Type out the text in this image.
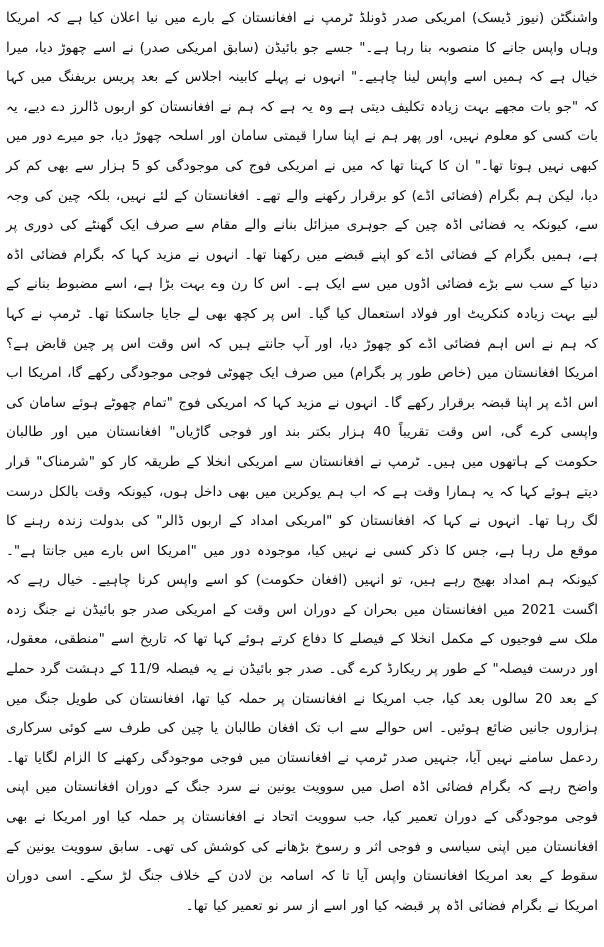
واشنگٹن (نیوز ڈیسک) امریکی صدر ڈونلڈ ٹرمپ نے افغانستان کے بارے میں نیا اعلان کیا ہے کہ امریکا وہاں واپس جانے کا منصوبہ بنا رہا ہے۔" جسے جو بائیڈن (سابق امریکی صدر) نے اسے چھوڑ دیا، میرا خیال ہے کہ ہمیں اسے واپس لینا چاہیے۔" انہوں نے پہلے کابینہ اجلاس کے بعد پریس بریفنگ میں کہا کہ "جو بات مجھے بہت زیادہ تکلیف دیتی ہے وہ یہ ہے کہ ہم نے افغانستان کو اربوں ڈالرز دے دیے، یہ بات کسی کو معلوم نہیں، اور پھر ہم نے اپنا سارا قیمتی سامان اور اسلحہ چھوڑ دیا، جو میرے دور میں کبھی نہیں ہوتا تھا۔" ان کا کہنا تھا کہ میں نے امریکی فوج کی موجودگی کو 5 ہزار سے بھی کم کر دیا، لیکن ہم بگرام (فضائی اڈے) کو برقرار رکھنے والے تھے۔ افغانستان کے لئے نہیں، بلکہ چین کی وجہ سے، کیونکہ یہ فضائی اڈہ چین کے جوہری میزائل بنانے والے مقام سے صرف ایک گھنٹے کی دوری پر ہے، ہمیں بگرام کے فضائی اڈے کو اپنے قبضے میں رکھنا تھا۔ انہوں نے مزید کہا کہ بگرام فضائی اڈہ دنیا کے سب سے بڑے فضائی اڈوں میں سے ایک ہے۔ اس کا رن وے بہت بڑا ہے، اسے مضبوط بنانے کے لیے بہت زیادہ کنکریٹ اور فولاد استعمال کیا گیا۔ اس پر کچھ بھی لے جایا جاسکتا تھا۔ ٹرمپ نے کہا کہ ہم نے اس اہم فضائی اڈے کو چھوڑ دیا، اور آپ جانتے ہیں کہ اس وقت اس پر چین قابض ہے؟ امریکا افغانستان میں (خاص طور پر بگرام) میں صرف ایک چھوٹی فوجی موجودگی رکھے گا، امریکا اب اس اڈے پر اپنا قبضہ برقرار رکھے گا۔ انہوں نے مزید کہا کہ امریکی فوج "تمام چھوٹے ہوئے سامان کی واپسی کرے گی، اس وقت تقریباً 40 ہزار بکتر بند اور فوجی گاڑیاں" افغانستان میں اور طالبان حکومت کے ہاتھوں میں ہیں۔ ٹرمپ نے افغانستان سے امریکی انخلا کے طریقہ کار کو "شرمناک" قرار دیتے ہوئے کہا کہ یہ ہمارا وقت ہے کہ اب ہم یوکرین میں بھی داخل ہوں، کیونکہ وقت بالکل درست لگ رہا تھا۔ انہوں نے کہا کہ افغانستان کو "امریکی امداد کے اربوں ڈالر" کی بدولت زندہ رہنے کا موقع مل رہا ہے، جس کا ذکر کسی نے نہیں کیا، موجودہ دور میں "امریکا اس بارے میں جانتا ہے"۔ کیونکہ ہم امداد بھیج رہے ہیں، تو انہیں (افغان حکومت) کو اسے واپس کرنا چاہیے۔ خیال رہے کہ اگست 2021 میں افغانستان میں بحران کے دوران اس وقت کے امریکی صدر جو بائیڈن نے جنگ زدہ ملک سے فوجیوں کے مکمل انخلا کے فیصلے کا دفاع کرتے ہوئے کہا تھا کہ تاریخ اسے "منطقی، معقول، اور درست فیصلہ" کے طور پر ریکارڈ کرے گی۔ صدر جو بائیڈن نے یہ فیصلہ 11/9 کے دہشت گرد حملے کے بعد 20 سالوں بعد کیا، جب امریکا نے افغانستان پر حملہ کیا تھا، افغانستان کی طویل جنگ میں ہزاروں جانیں ضائع ہوئیں۔ اس حوالے سے اب تک افغان طالبان یا چین کی طرف سے کوئی سرکاری ردعمل سامنے نہیں آیا، جنہیں صدر ٹرمپ نے افغانستان میں فوجی موجودگی رکھنے کا الزام لگایا تھا۔ واضح رہے کہ بگرام فضائی اڈہ اصل میں سوویت یونین نے سرد جنگ کے دوران افغانستان میں اپنی فوجی موجودگی کے دوران تعمیر کیا، جب سوویت اتحاد نے افغانستان پر حملہ کیا اور امریکا نے بھی افغانستان میں اپنی سیاسی و فوجی اثر و رسوخ بڑھانے کی کوشش کی تھی۔ سابق سوویت یونین کے سقوط کے بعد امریکا افغانستان واپس آیا تا کہ اسامہ بن لادن کے خلاف جنگ لڑ سکے۔ اسی دوران امریکا نے بگرام فضائی اڈہ پر قبضہ کیا اور اسے از سر نو تعمیر کیا تھا۔
